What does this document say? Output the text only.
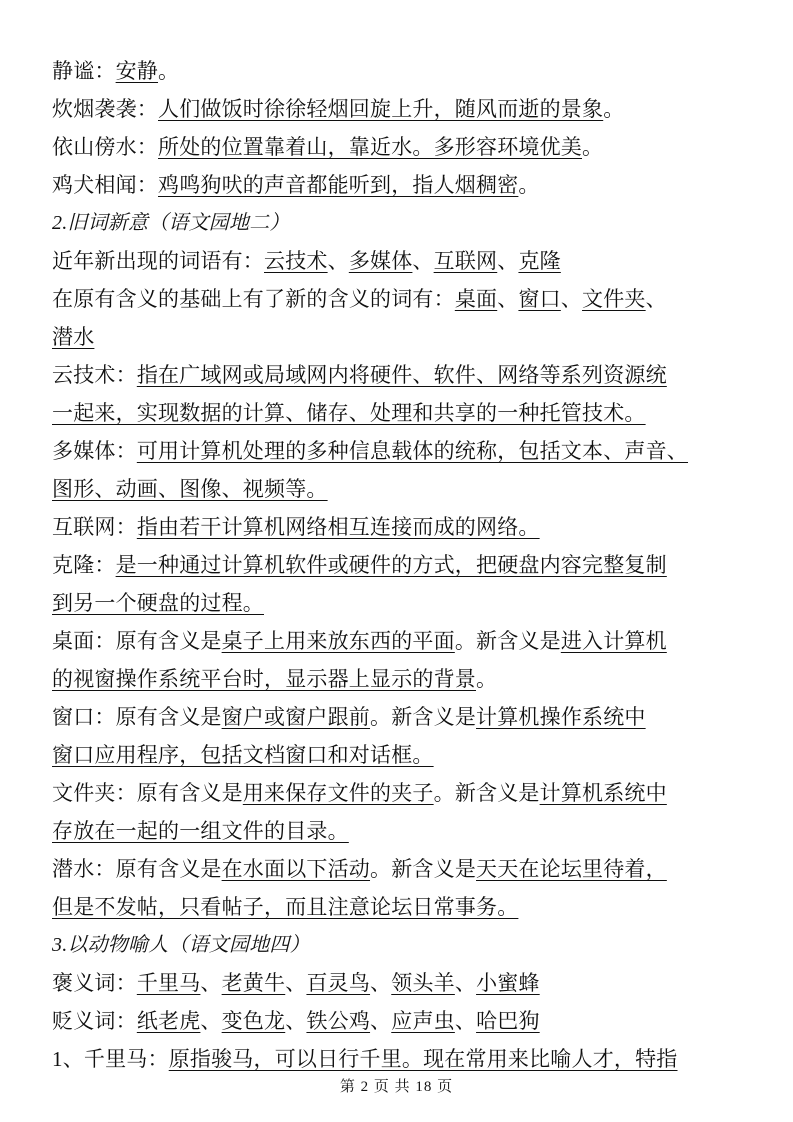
静谧：安静。
炊烟袭袭：人们做饭时徐徐轻烟回旋上升，随风而逝的景象。
依山傍水：所处的位置靠着山，靠近水。多形容环境优美。
鸡犬相闻：鸡鸣狗吠的声音都能听到，指人烟稠密。
2.旧词新意（语文园地二）
近年新出现的词语有：云技术、多媒体、互联网、克隆
在原有含义的基础上有了新的含义的词有：桌面、窗口、文件夹、
潜水
云技术：指在广域网或局域网内将硬件、软件、网络等系列资源统
一起来，实现数据的计算、储存、处理和共享的一种托管技术。
多媒体：可用计算机处理的多种信息载体的统称，包括文本、声音、
图形、动画、图像、视频等。
互联网：指由若干计算机网络相互连接而成的网络。
克隆：是一种通过计算机软件或硬件的方式，把硬盘内容完整复制
到另一个硬盘的过程。
桌面：原有含义是桌子上用来放东西的平面。新含义是进入计算机
的视窗操作系统平台时，显示器上显示的背景。
窗口：原有含义是窗户或窗户跟前。新含义是计算机操作系统中
窗口应用程序，包括文档窗口和对话框。
文件夹：原有含义是用来保存文件的夹子。新含义是计算机系统中
存放在一起的一组文件的目录。
潜水：原有含义是在水面以下活动。新含义是天天在论坛里待着，
但是不发帖，只看帖子，而且注意论坛日常事务。
3.以动物喻人（语文园地四）
褒义词：千里马、老黄牛、百灵鸟、领头羊、小蜜蜂
贬义词：纸老虎、变色龙、铁公鸡、应声虫、哈巴狗
1、千里马：原指骏马，可以日行千里。现在常用来比喻人才，特指
第 2 页 共 18 页
